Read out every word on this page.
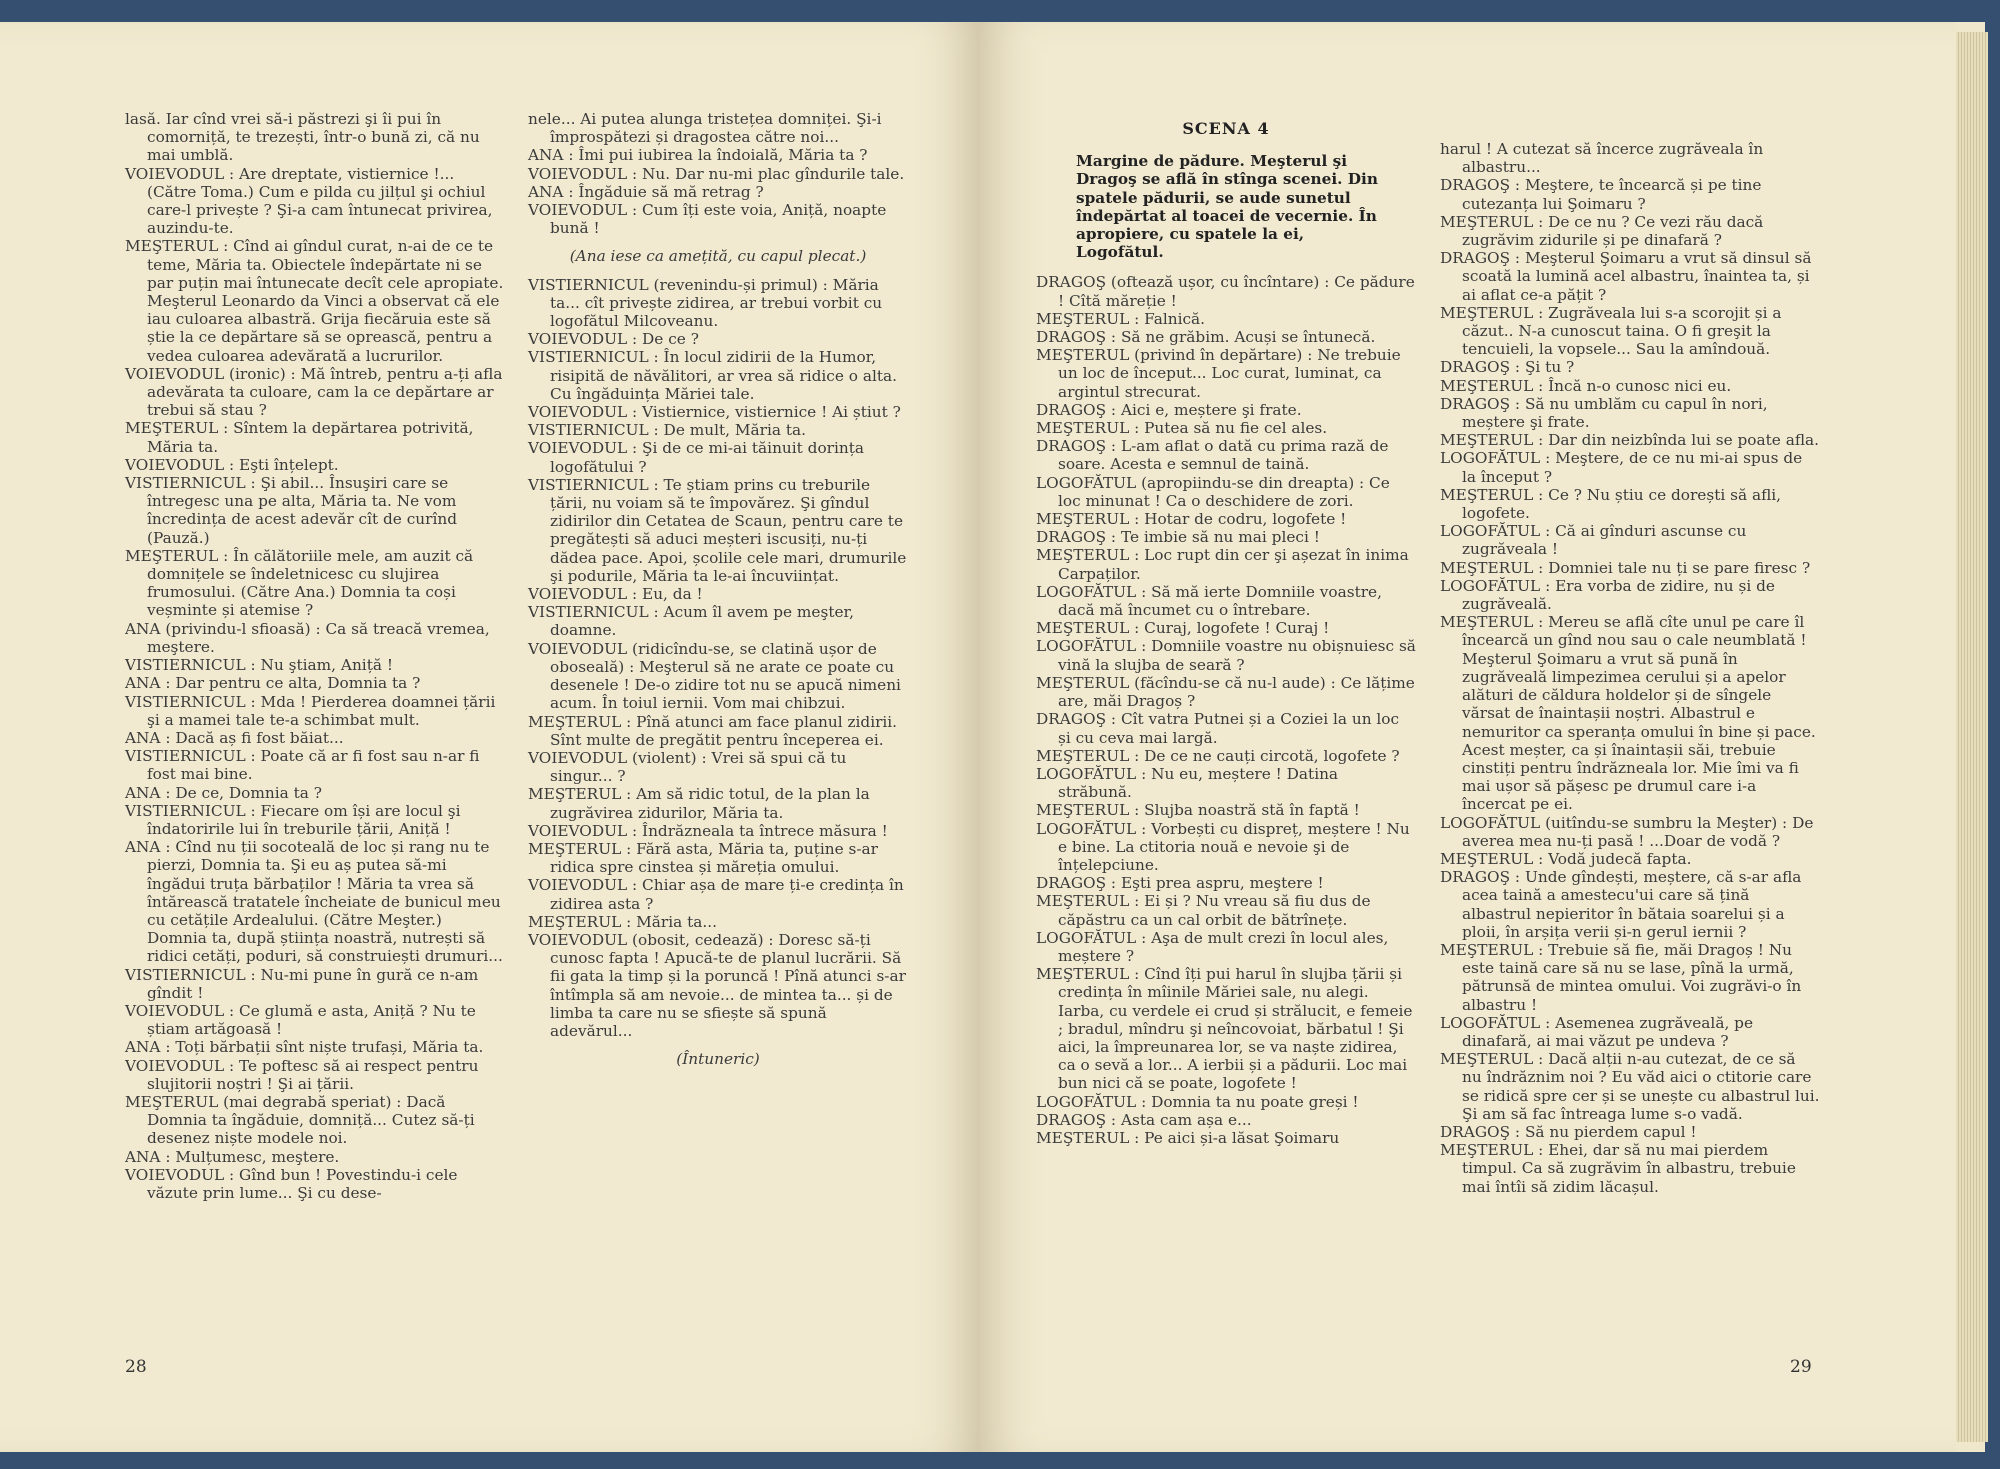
lasă. Iar cînd vrei să-i păstrezi şi îi pui în comorniță, te trezești, într-o bună zi, că nu mai umblă.

VOIEVODUL : Are dreptate, vistiernice !... (Către Toma.) Cum e pilda cu jilțul şi ochiul care-l privește ? Şi-a cam întunecat privirea, auzindu-te.

MEŞTERUL : Cînd ai gîndul curat, n-ai de ce te teme, Măria ta. Obiectele îndepărtate ni se par puțin mai întunecate decît cele apropiate. Meşterul Leonardo da Vinci a observat că ele iau culoarea albastră. Grija fiecăruia este să știe la ce depărtare să se oprească, pentru a vedea culoarea adevărată a lucrurilor.

VOIEVODUL (ironic) : Mă întreb, pentru a-ți afla adevărata ta culoare, cam la ce depărtare ar trebui să stau ?

MEŞTERUL : Sîntem la depărtarea potrivită, Măria ta.

VOIEVODUL : Eşti înțelept.

VISTIERNICUL : Şi abil... Însuşiri care se întregesc una pe alta, Măria ta. Ne vom încredința de acest adevăr cît de curînd (Pauză.)

MEŞTERUL : În călătoriile mele, am auzit că domnițele se îndeletnicesc cu slujirea frumosului. (Către Ana.) Domnia ta coși veșminte și atemise ?

ANA (privindu-l sfioasă) : Ca să treacă vremea, meştere.

VISTIERNICUL : Nu ştiam, Aniță !

ANA : Dar pentru ce alta, Domnia ta ?

VISTIERNICUL : Mda ! Pierderea doamnei țării şi a mamei tale te-a schimbat mult.

ANA : Dacă aș fi fost băiat...

VISTIERNICUL : Poate că ar fi fost sau n-ar fi fost mai bine.

ANA : De ce, Domnia ta ?

VISTIERNICUL : Fiecare om își are locul şi îndatoririle lui în treburile țării, Aniță !

ANA : Cînd nu ții socoteală de loc și rang nu te pierzi, Domnia ta. Şi eu aș putea să-mi îngădui truța bărbaților ! Măria ta vrea să întărească tratatele încheiate de bunicul meu cu cetățile Ardealului. (Către Meşter.) Domnia ta, după știința noastră, nutrești să ridici cetăți, poduri, să construiești drumuri...

VISTIERNICUL : Nu-mi pune în gură ce n-am gîndit !

VOIEVODUL : Ce glumă e asta, Aniță ? Nu te știam artăgoasă !

ANA : Toți bărbații sînt niște trufași, Măria ta.

VOIEVODUL : Te poftesc să ai respect pentru slujitorii noștri ! Şi ai țării.

MEŞTERUL (mai degrabă speriat) : Dacă Domnia ta îngăduie, domniță... Cutez să-ți desenez niște modele noi.

ANA : Mulțumesc, meştere.

VOIEVODUL : Gînd bun ! Povestindu-i cele văzute prin lume... Şi cu dese-

nele... Ai putea alunga tristețea domniței. Şi-i împrospătezi și dragostea către noi...

ANA : Îmi pui iubirea la îndoială, Măria ta ?

VOIEVODUL : Nu. Dar nu-mi plac gîndurile tale.

ANA : Îngăduie să mă retrag ?

VOIEVODUL : Cum îți este voia, Aniță, noapte bună !

(Ana iese ca amețită, cu capul plecat.)

VISTIERNICUL (revenindu-și primul) : Măria ta... cît privește zidirea, ar trebui vorbit cu logofătul Milcoveanu.

VOIEVODUL : De ce ?

VISTIERNICUL : În locul zidirii de la Humor, risipită de năvălitori, ar vrea să ridice o alta. Cu îngăduința Măriei tale.

VOIEVODUL : Vistiernice, vistiernice ! Ai știut ?

VISTIERNICUL : De mult, Măria ta.

VOIEVODUL : Şi de ce mi-ai tăinuit dorința logofătului ?

VISTIERNICUL : Te știam prins cu treburile țării, nu voiam să te împovărez. Şi gîndul zidirilor din Cetatea de Scaun, pentru care te pregătești să aduci meșteri iscusiți, nu-ți dădea pace. Apoi, școlile cele mari, drumurile şi podurile, Măria ta le-ai încuviințat.

VOIEVODUL : Eu, da !

VISTIERNICUL : Acum îl avem pe meşter, doamne.

VOIEVODUL (ridicîndu-se, se clatină ușor de oboseală) : Meşterul să ne arate ce poate cu desenele ! De-o zidire tot nu se apucă nimeni acum. În toiul iernii. Vom mai chibzui.

MEŞTERUL : Pînă atunci am face planul zidirii. Sînt multe de pregătit pentru începerea ei.

VOIEVODUL (violent) : Vrei să spui că tu singur... ?

MEŞTERUL : Am să ridic totul, de la plan la zugrăvirea zidurilor, Măria ta.

VOIEVODUL : Îndrăzneala ta întrece măsura !

MEŞTERUL : Fără asta, Măria ta, puține s-ar ridica spre cinstea și măreția omului.

VOIEVODUL : Chiar așa de mare ți-e credința în zidirea asta ?

MEŞTERUL : Măria ta...

VOIEVODUL (obosit, cedează) : Doresc să-ți cunosc fapta ! Apucă-te de planul lucrării. Să fii gata la timp și la poruncă ! Pînă atunci s-ar întîmpla să am nevoie... de mintea ta... și de limba ta care nu se sfiește să spună adevărul...

(Întuneric)

28
SCENA 4

Margine de pădure. Meşterul şi Dragoş se află în stînga scenei. Din spatele pădurii, se aude sunetul îndepărtat al toacei de vecernie. În apropiere, cu spatele la ei, Logofătul.

DRAGOŞ (oftează ușor, cu încîntare) : Ce pădure ! Cîtă măreție !

MEŞTERUL : Falnică.

DRAGOŞ : Să ne grăbim. Acuși se întunecă.

MEŞTERUL (privind în depărtare) : Ne trebuie un loc de început... Loc curat, luminat, ca argintul strecurat.

DRAGOŞ : Aici e, meștere şi frate.

MEŞTERUL : Putea să nu fie cel ales.

DRAGOŞ : L-am aflat o dată cu prima rază de soare. Acesta e semnul de taină.

LOGOFĂTUL (apropiindu-se din dreapta) : Ce loc minunat ! Ca o deschidere de zori.

MEŞTERUL : Hotar de codru, logofete !

DRAGOŞ : Te imbie să nu mai pleci !

MEŞTERUL : Loc rupt din cer şi așezat în inima Carpaților.

LOGOFĂTUL : Să mă ierte Domniile voastre, dacă mă încumet cu o întrebare.

MEŞTERUL : Curaj, logofete ! Curaj !

LOGOFĂTUL : Domniile voastre nu obișnuiesc să vină la slujba de seară ?

MEŞTERUL (făcîndu-se că nu-l aude) : Ce lățime are, măi Dragoș ?

DRAGOŞ : Cît vatra Putnei și a Coziei la un loc și cu ceva mai largă.

MEŞTERUL : De ce ne cauți circotă, logofete ?

LOGOFĂTUL : Nu eu, meștere ! Datina străbună.

MEŞTERUL : Slujba noastră stă în faptă !

LOGOFĂTUL : Vorbești cu dispreț, meștere ! Nu e bine. La ctitoria nouă e nevoie şi de înțelepciune.

DRAGOŞ : Eşti prea aspru, meştere !

MEŞTERUL : Ei și ? Nu vreau să fiu dus de căpăstru ca un cal orbit de bătrînețe.

LOGOFĂTUL : Aşa de mult crezi în locul ales, meștere ?

MEŞTERUL : Cînd îți pui harul în slujba țării și credința în mîinile Măriei sale, nu alegi. Iarba, cu verdele ei crud și strălucit, e femeie ; bradul, mîndru şi neîncovoiat, bărbatul ! Şi aici, la împreunarea lor, se va naște zidirea, ca o sevă a lor... A ierbii și a pădurii. Loc mai bun nici că se poate, logofete !

LOGOFĂTUL : Domnia ta nu poate greși !

DRAGOŞ : Asta cam așa e...

MEŞTERUL : Pe aici și-a lăsat Şoimaru

harul ! A cutezat să încerce zugrăveala în albastru...

DRAGOŞ : Meştere, te încearcă și pe tine cutezanța lui Şoimaru ?

MEŞTERUL : De ce nu ? Ce vezi rău dacă zugrăvim zidurile și pe dinafară ?

DRAGOŞ : Meşterul Şoimaru a vrut să dinsul să scoată la lumină acel albastru, înaintea ta, și ai aflat ce-a pățit ?

MEŞTERUL : Zugrăveala lui s-a scorojit și a căzut.. N-a cunoscut taina. O fi greşit la tencuieli, la vopsele... Sau la amîndouă.

DRAGOŞ : Şi tu ?

MEŞTERUL : Încă n-o cunosc nici eu.

DRAGOŞ : Să nu umblăm cu capul în nori, meștere şi frate.

MEŞTERUL : Dar din neizbînda lui se poate afla.

LOGOFĂTUL : Meştere, de ce nu mi-ai spus de la început ?

MEŞTERUL : Ce ? Nu știu ce dorești să afli, logofete.

LOGOFĂTUL : Că ai gînduri ascunse cu zugrăveala !

MEŞTERUL : Domniei tale nu ți se pare firesc ?

LOGOFĂTUL : Era vorba de zidire, nu și de zugrăveală.

MEŞTERUL : Mereu se află cîte unul pe care îl încearcă un gînd nou sau o cale neumblată ! Meşterul Şoimaru a vrut să pună în zugrăveală limpezimea cerului și a apelor alături de căldura holdelor și de sîngele vărsat de înaintașii noștri. Albastrul e nemuritor ca speranța omului în bine și pace. Acest meșter, ca și înaintașii săi, trebuie cinstiți pentru îndrăzneala lor. Mie îmi va fi mai ușor să pășesc pe drumul care i-a încercat pe ei.

LOGOFĂTUL (uitîndu-se sumbru la Meşter) : De averea mea nu-ți pasă ! ...Doar de vodă ?

MEŞTERUL : Vodă judecă fapta.

DRAGOŞ : Unde gîndești, meștere, că s-ar afla acea taină a amestecu'ui care să țină albastrul nepieritor în bătaia soarelui și a ploii, în arșița verii și-n gerul iernii ?

MEŞTERUL : Trebuie să fie, măi Dragoș ! Nu este taină care să nu se lase, pînă la urmă, pătrunsă de mintea omului. Voi zugrăvi-o în albastru !

LOGOFĂTUL : Asemenea zugrăveală, pe dinafară, ai mai văzut pe undeva ?

MEŞTERUL : Dacă alții n-au cutezat, de ce să nu îndrăznim noi ? Eu văd aici o ctitorie care se ridică spre cer și se unește cu albastrul lui. Şi am să fac întreaga lume s-o vadă.

DRAGOŞ : Să nu pierdem capul !

MEŞTERUL : Ehei, dar să nu mai pierdem timpul. Ca să zugrăvim în albastru, trebuie mai întîi să zidim lăcașul.

29
